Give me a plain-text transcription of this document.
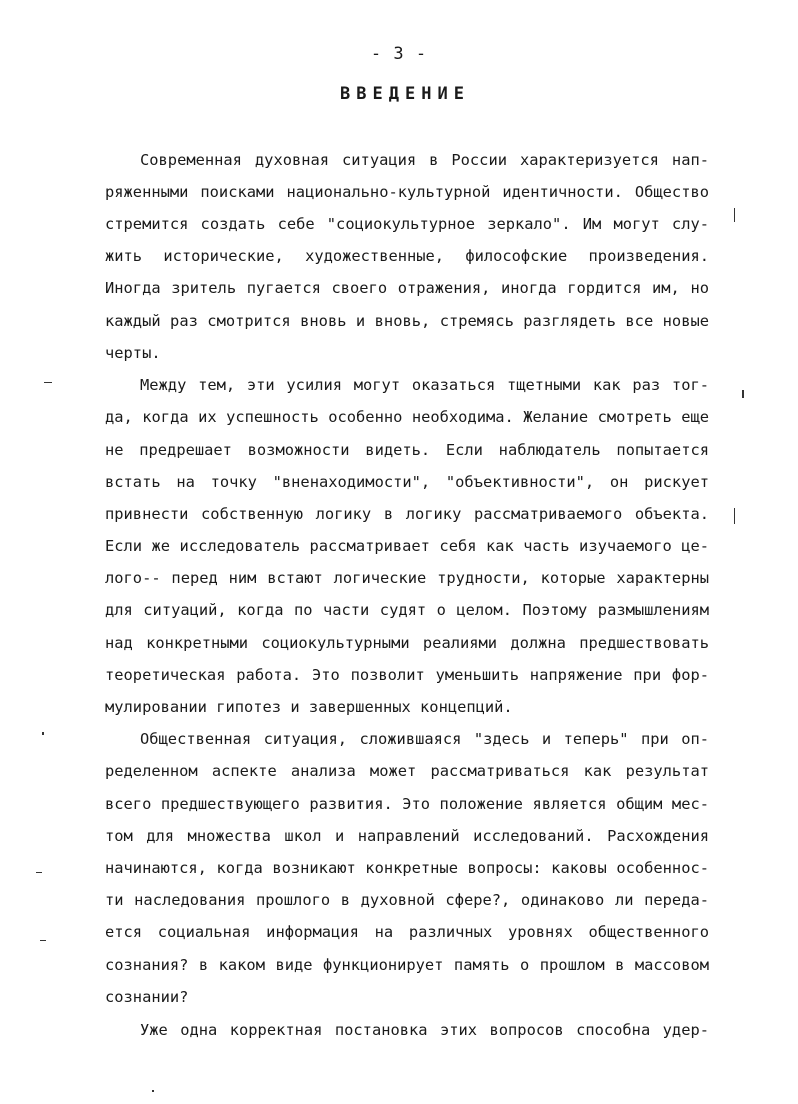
- 3 -
ВВЕДЕНИЕ
Современная духовная ситуация в России характеризуется нап-
ряженными поисками национально-культурной идентичности. Общество
стремится создать себе "социокультурное зеркало". Им могут слу-
жить исторические, художественные, философские произведения.
Иногда зритель пугается своего отражения, иногда гордится им, но
каждый раз смотрится вновь и вновь, стремясь разглядеть все новые
черты.
Между тем, эти усилия могут оказаться тщетными как раз тог-
да, когда их успешность особенно необходима. Желание смотреть еще
не предрешает возможности видеть. Если наблюдатель попытается
встать на точку "вненаходимости", "объективности", он рискует
привнести собственную логику в логику рассматриваемого объекта.
Если же исследователь рассматривает себя как часть изучаемого це-
лого-- перед ним встают логические трудности, которые характерны
для ситуаций, когда по части судят о целом. Поэтому размышлениям
над конкретными социокультурными реалиями должна предшествовать
теоретическая работа. Это позволит уменьшить напряжение при фор-
мулировании гипотез и завершенных концепций.
Общественная ситуация, сложившаяся "здесь и теперь" при оп-
ределенном аспекте анализа может рассматриваться как результат
всего предшествующего развития. Это положение является общим мес-
том для множества школ и направлений исследований. Расхождения
начинаются, когда возникают конкретные вопросы: каковы особеннос-
ти наследования прошлого в духовной сфере?, одинаково ли переда-
ется социальная информация на различных уровнях общественного
сознания? в каком виде функционирует память о прошлом в массовом
сознании?
Уже одна корректная постановка этих вопросов способна удер-
